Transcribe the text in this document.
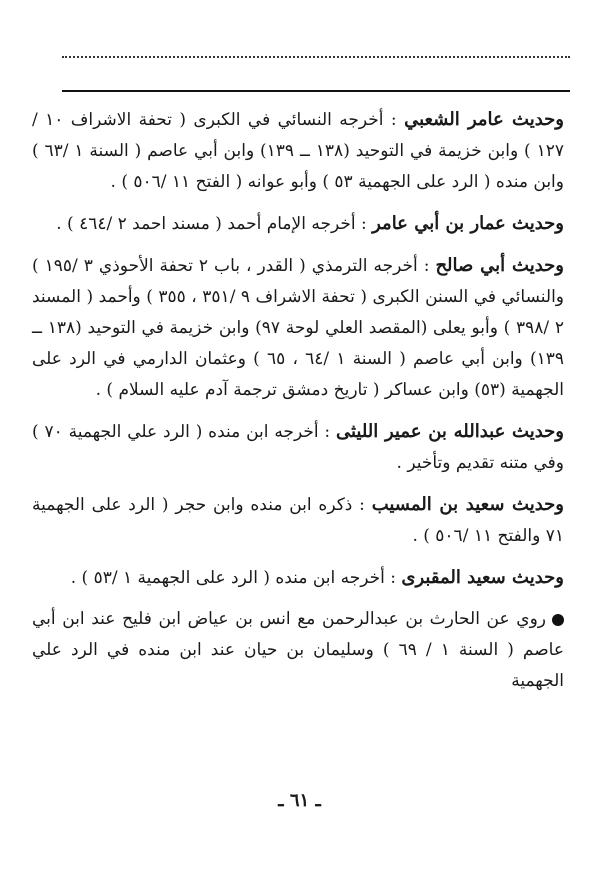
وحديث عامر الشعبي : أخرجه النسائي في الكبرى ( تحفة الاشراف ١٠ /١٢٧ ) وابن خزيمة في التوحيد (١٣٨ ــ ١٣٩) وابن أبي عاصم ( السنة ١ /٦٣ ) وابن منده ( الرد على الجهمية ٥٣ ) وأبو عوانه ( الفتح ١١ /٥٠٦ ) .

وحديث عمار بن أبي عامر : أخرجه الإمام أحمد ( مسند احمد ٢ /٤٦٤ ) .

وحديث أبي صالح : أخرجه الترمذي ( القدر ، باب ٢ تحفة الأحوذي ٣ /١٩٥ ) والنسائي في السنن الكبرى ( تحفة الاشراف ٩ /٣٥١ ، ٣٥٥ ) وأحمد ( المسند ٢ /٣٩٨ ) وأبو يعلى (المقصد العلي لوحة ٩٧) وابن خزيمة في التوحيد (١٣٨ ــ ١٣٩) وابن أبي عاصم ( السنة ١ /٦٤ ، ٦٥ ) وعثمان الدارمي في الرد على الجهمية (٥٣) وابن عساكر ( تاريخ دمشق ترجمة آدم عليه السلام ) .

وحديث عبدالله بن عمير الليثى : أخرجه ابن منده ( الرد علي الجهمية ٧٠ ) وفي متنه تقديم وتأخير .

وحديث سعيد بن المسيب : ذكره ابن منده وابن حجر ( الرد على الجهمية ٧١ والفتح ١١ /٥٠٦ ) .

وحديث سعيد المقبرى : أخرجه ابن منده ( الرد على الجهمية ١ /٥٣ ) .

روي عن الحارث بن عبدالرحمن مع انس بن عياض ابن فليح عند ابن أبي عاصم ( السنة ١ / ٦٩ ) وسليمان بن حيان عند ابن منده في الرد علي الجهمية

ـ ٦١ ـ
